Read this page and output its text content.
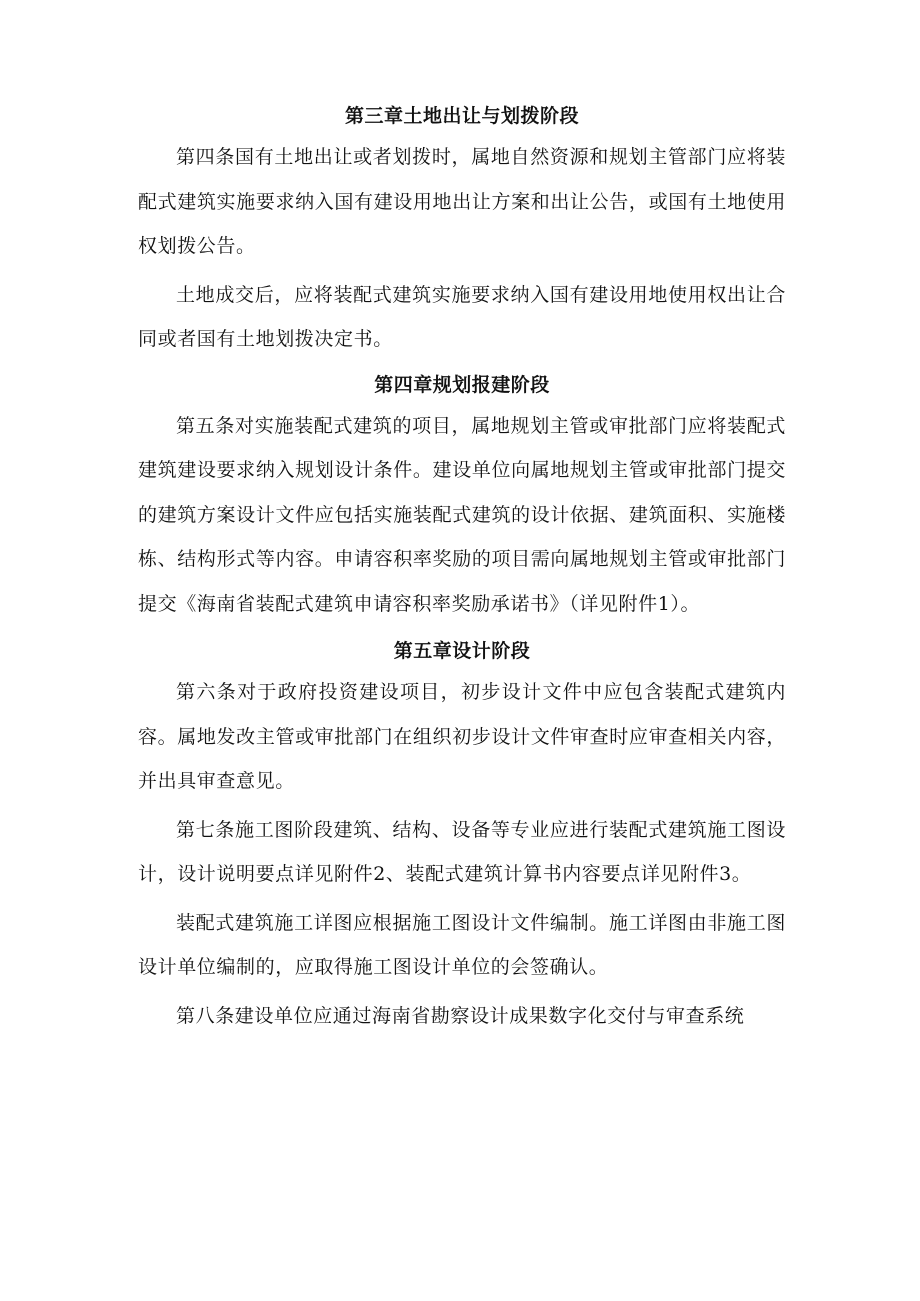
第三章土地出让与划拨阶段

第四条国有土地出让或者划拨时，属地自然资源和规划主管部门应将装配式建筑实施要求纳入国有建设用地出让方案和出让公告，或国有土地使用权划拨公告。

土地成交后，应将装配式建筑实施要求纳入国有建设用地使用权出让合同或者国有土地划拨决定书。

第四章规划报建阶段

第五条对实施装配式建筑的项目，属地规划主管或审批部门应将装配式建筑建设要求纳入规划设计条件。建设单位向属地规划主管或审批部门提交的建筑方案设计文件应包括实施装配式建筑的设计依据、建筑面积、实施楼栋、结构形式等内容。申请容积率奖励的项目需向属地规划主管或审批部门提交《海南省装配式建筑申请容积率奖励承诺书》（详见附件1）。

第五章设计阶段

第六条对于政府投资建设项目，初步设计文件中应包含装配式建筑内容。属地发改主管或审批部门在组织初步设计文件审查时应审查相关内容，并出具审查意见。

第七条施工图阶段建筑、结构、设备等专业应进行装配式建筑施工图设计，设计说明要点详见附件2、装配式建筑计算书内容要点详见附件3。

装配式建筑施工详图应根据施工图设计文件编制。施工详图由非施工图设计单位编制的，应取得施工图设计单位的会签确认。

第八条建设单位应通过海南省勘察设计成果数字化交付与审查系统
